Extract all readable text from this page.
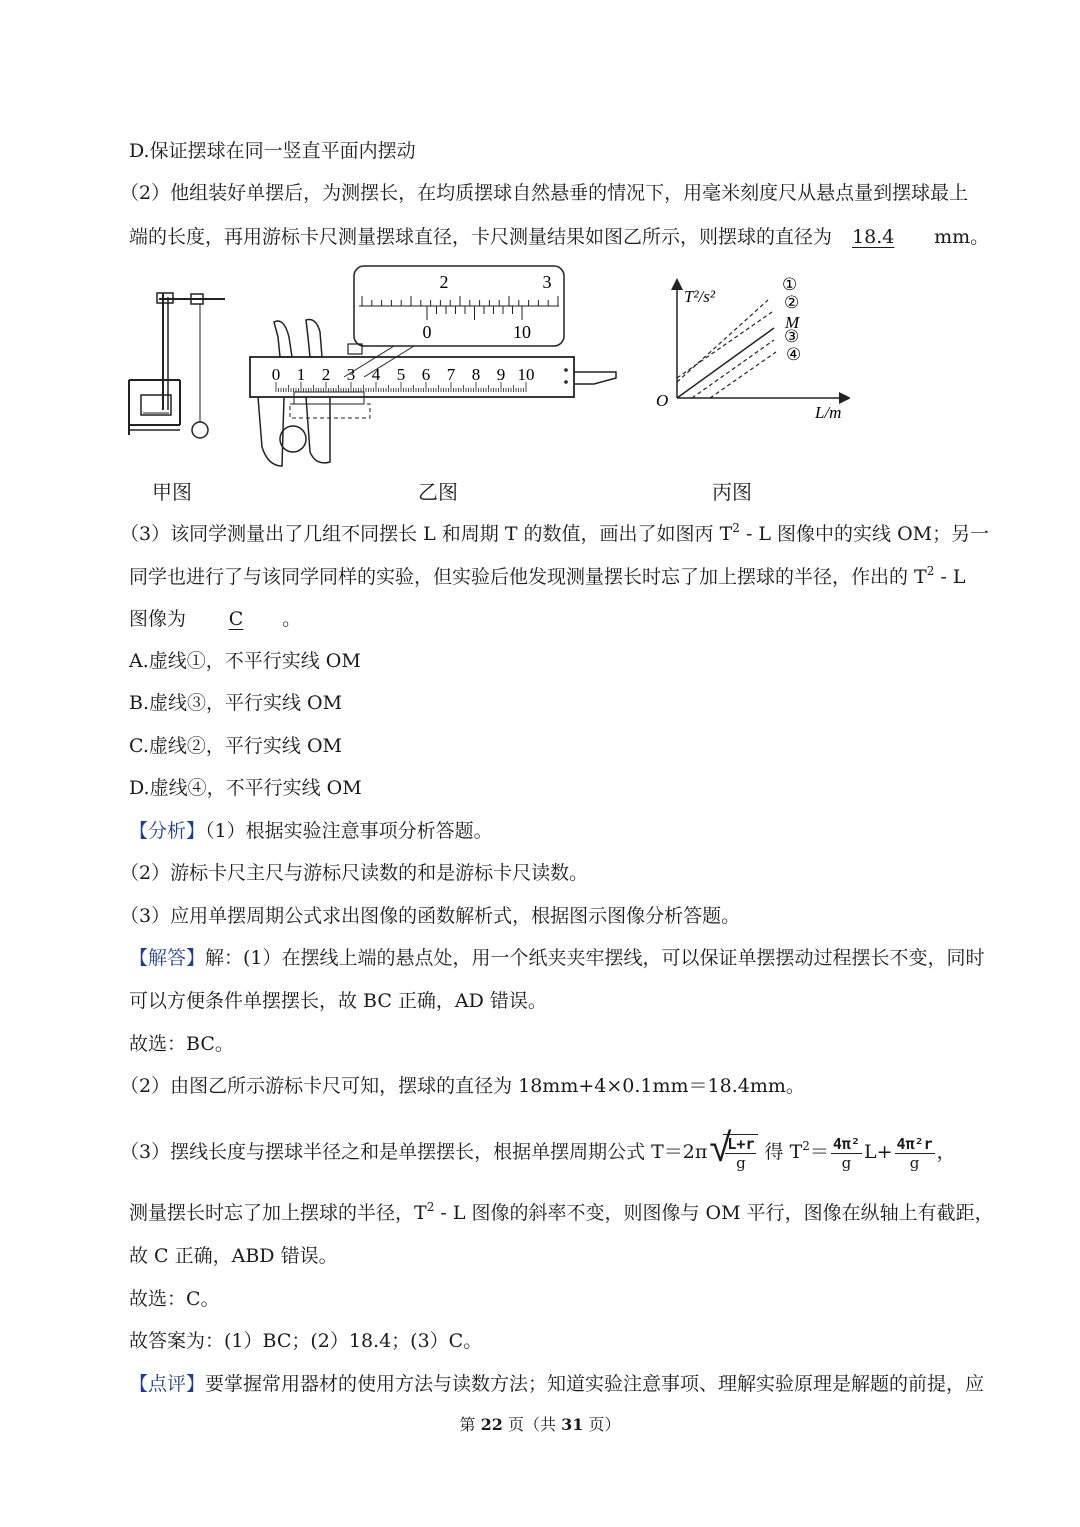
D.保证摆球在同一竖直平面内摆动
（2）他组装好单摆后，为测摆长，在均质摆球自然悬垂的情况下，用毫米刻度尺从悬点量到摆球最上
端的长度，再用游标卡尺测量摆球直径，卡尺测量结果如图乙所示，则摆球的直径为 18.4 mm。
2	3
0	10
0 1 2 3 4 5 6 7 8 9 10
T²/s²
L/m
O
①
②
M
③
④
甲图	乙图	丙图
（3）该同学测量出了几组不同摆长 L 和周期 T 的数值，画出了如图丙 $T^2$ - L 图像中的实线 OM；另一
同学也进行了与该同学同样的实验，但实验后他发现测量摆长时忘了加上摆球的半径，作出的 $T^2$ - L
图像为 C 。
A.虚线①，不平行实线 OM
B.虚线③，平行实线 OM
C.虚线②，平行实线 OM
D.虚线④，不平行实线 OM
【分析】（1）根据实验注意事项分析答题。
（2）游标卡尺主尺与游标尺读数的和是游标卡尺读数。
（3）应用单摆周期公式求出图像的函数解析式，根据图示图像分析答题。
【解答】解：(1）在摆线上端的悬点处，用一个纸夹夹牢摆线，可以保证单摆摆动过程摆长不变，同时
可以方便条件单摆摆长，故 BC 正确，AD 错误。
故选：BC。
（2）由图乙所示游标卡尺可知，摆球的直径为 18mm+4×0.1mm＝18.4mm。
（3）摆线长度与摆球半径之和是单摆摆长，根据单摆周期公式 T＝2π √
$\frac{L+r}{g}$ 得 $T^2= \frac{\text{4π²}}{g} L+ \frac{\text{4π²r}}{g}$ ，
测量摆长时忘了加上摆球的半径，$T^2$ - L 图像的斜率不变，则图像与 OM 平行，图像在纵轴上有截距，
故 C 正确，ABD 错误。
故选：C。
故答案为：(1）BC；(2）18.4；(3）C。
【点评】要掌握常用器材的使用方法与读数方法；知道实验注意事项、理解实验原理是解题的前提，应
第 22 页（共 31 页）
